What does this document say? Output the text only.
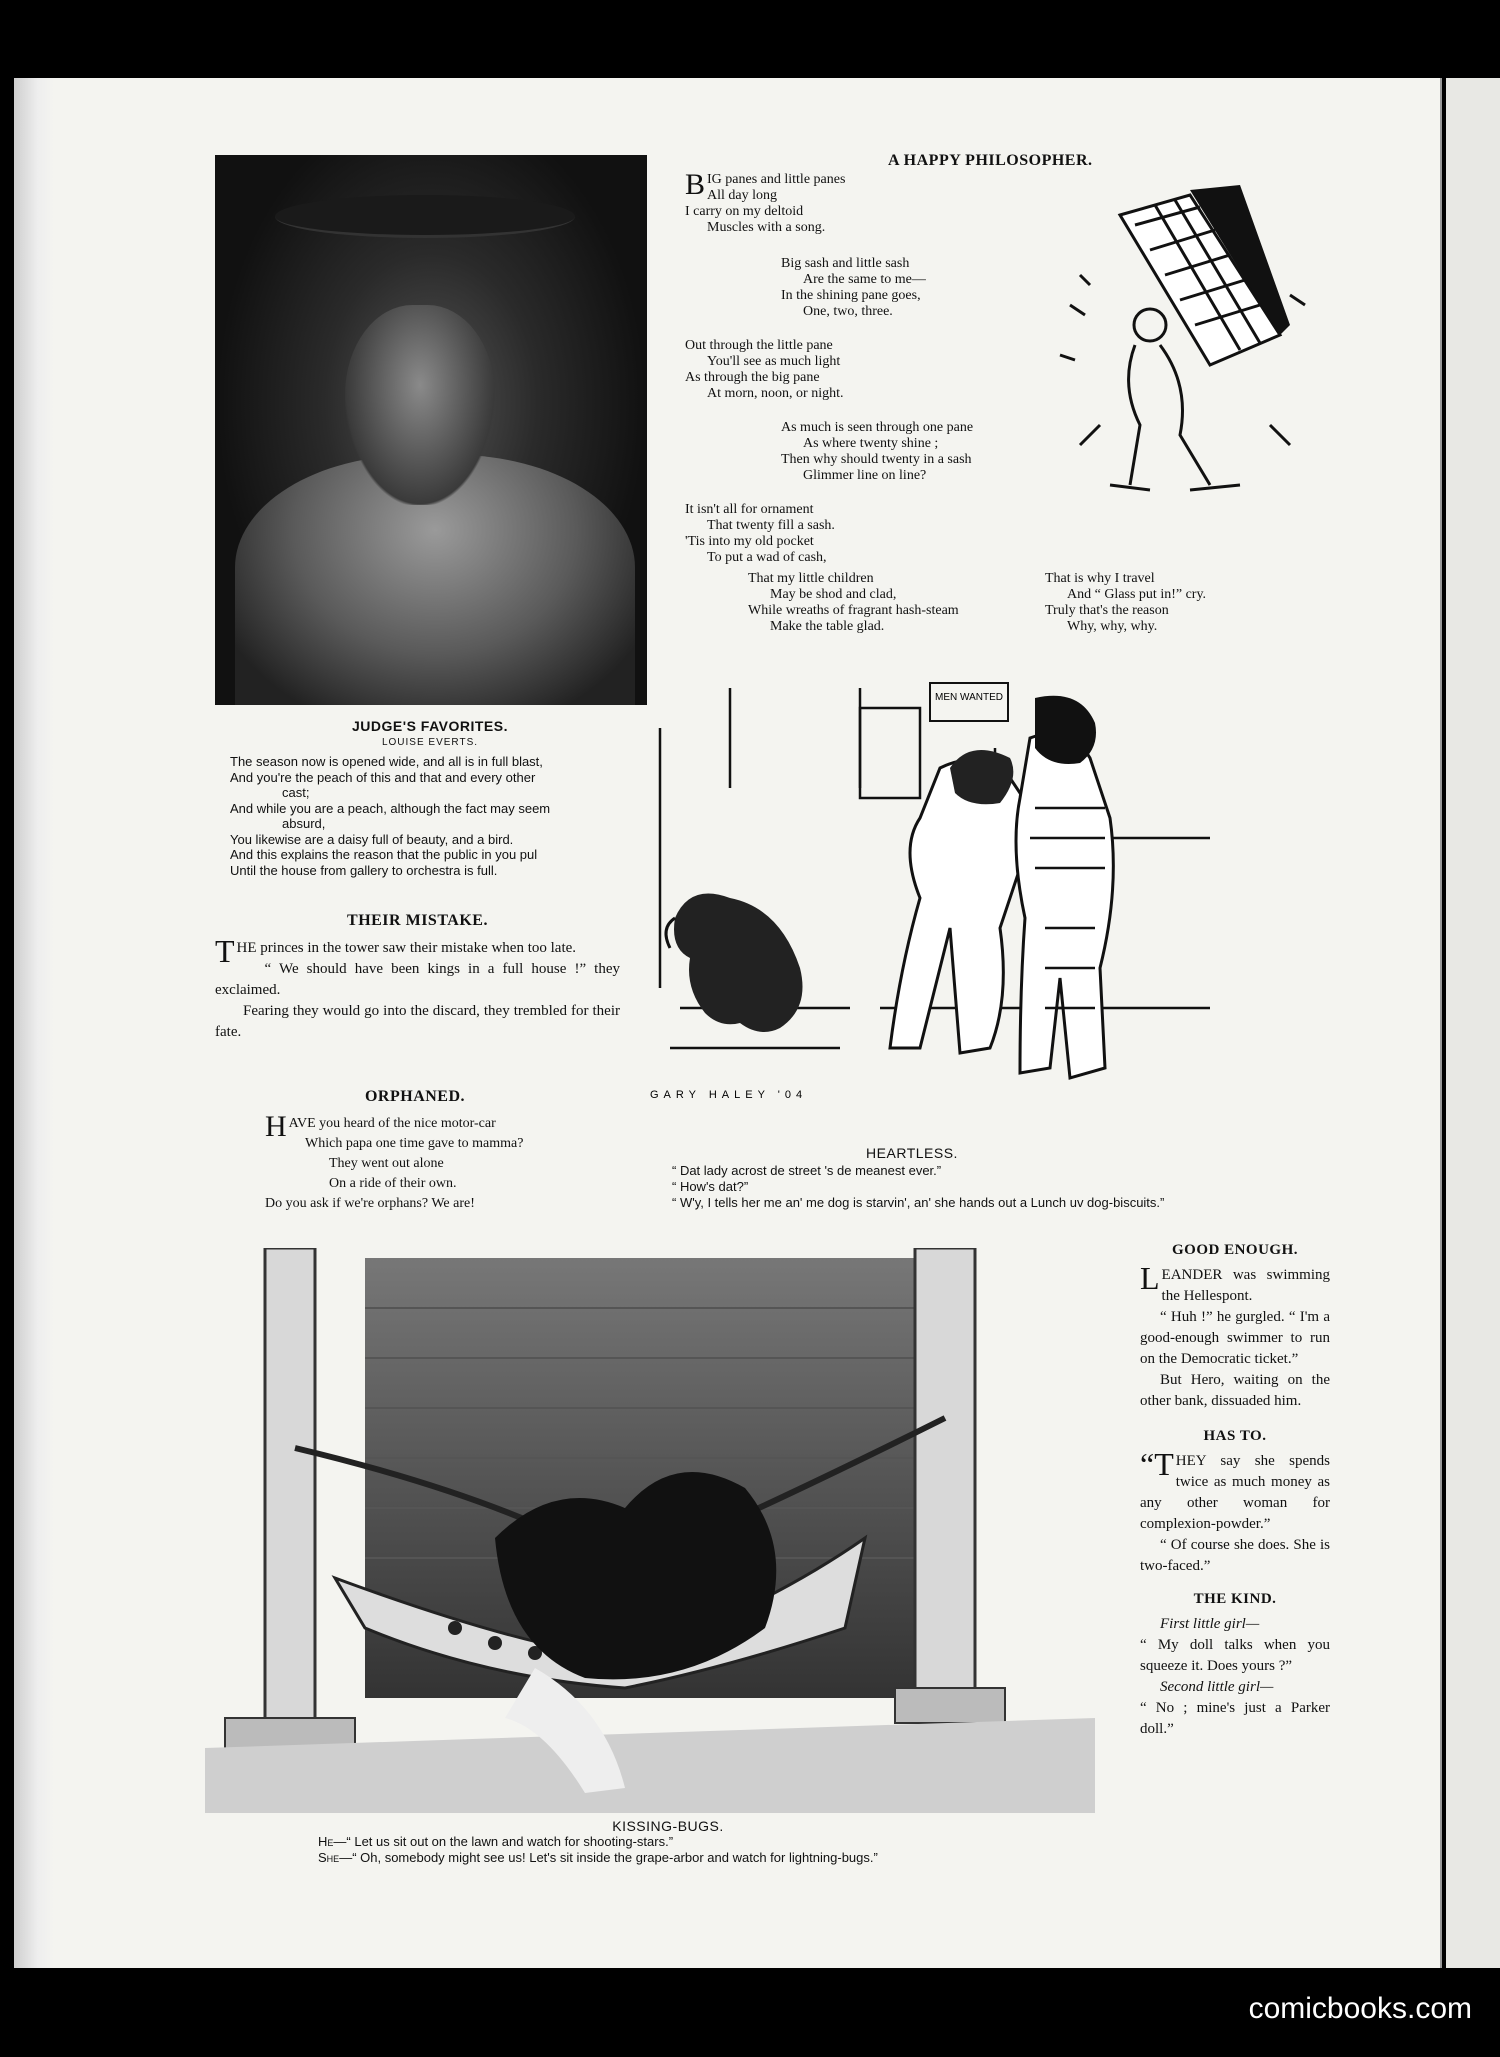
JUDGE'S FAVORITES.
LOUISE EVERTS.
The season now is opened wide, and all is in full blast,
And you're the peach of this and that and every other
cast;
And while you are a peach, although the fact may seem
absurd,
You likewise are a daisy full of beauty, and a bird.
And this explains the reason that the public in you pul
Until the house from gallery to orchestra is full.
THEIR MISTAKE.
THE princes in the tower saw their mistake when too late.
“ We should have been kings in a full house !” they exclaimed.
Fearing they would go into the discard, they trembled for their fate.
ORPHANED.
HAVE you heard of the nice motor-car
Which papa one time gave to mamma?
They went out alone
On a ride of their own.
Do you ask if we're orphans? We are!
A HAPPY PHILOSOPHER.
BIG panes and little panes
All day long
I carry on my deltoid
Muscles with a song.
Big sash and little sash
Are the same to me—
In the shining pane goes,
One, two, three.
Out through the little pane
You'll see as much light
As through the big pane
At morn, noon, or night.
As much is seen through one pane
As where twenty shine ;
Then why should twenty in a sash
Glimmer line on line?
It isn't all for ornament
That twenty fill a sash.
'Tis into my old pocket
To put a wad of cash,
That my little children
May be shod and clad,
While wreaths of fragrant hash-steam
Make the table glad.
That is why I travel
And “ Glass put in!” cry.
Truly that's the reason
Why, why, why.
MEN WANTED
GARY HALEY '04
HEARTLESS.
“ Dat lady acrost de street 's de meanest ever.”
“ How's dat?”
“ W'y, I tells her me an' me dog is starvin', an' she hands out a Lunch uv dog-biscuits.”
KISSING-BUGS.
He—“ Let us sit out on the lawn and watch for shooting-stars.”
She—“ Oh, somebody might see us! Let's sit inside the grape-arbor and watch for lightning-bugs.”
GOOD ENOUGH.
LEANDER was swimming the Hellespont.
“ Huh !” he gurgled. “ I'm a good-enough swimmer to run on the Democratic ticket.”
But Hero, waiting on the other bank, dissuaded him.
HAS TO.
“THEY say she spends twice as much money as any other woman for complexion-powder.”
“ Of course she does. She is two-faced.”
THE KIND.
First little girl—
“ My doll talks when you squeeze it. Does yours ?”
Second little girl—
“ No ; mine's just a Parker doll.”
comicbooks.com
